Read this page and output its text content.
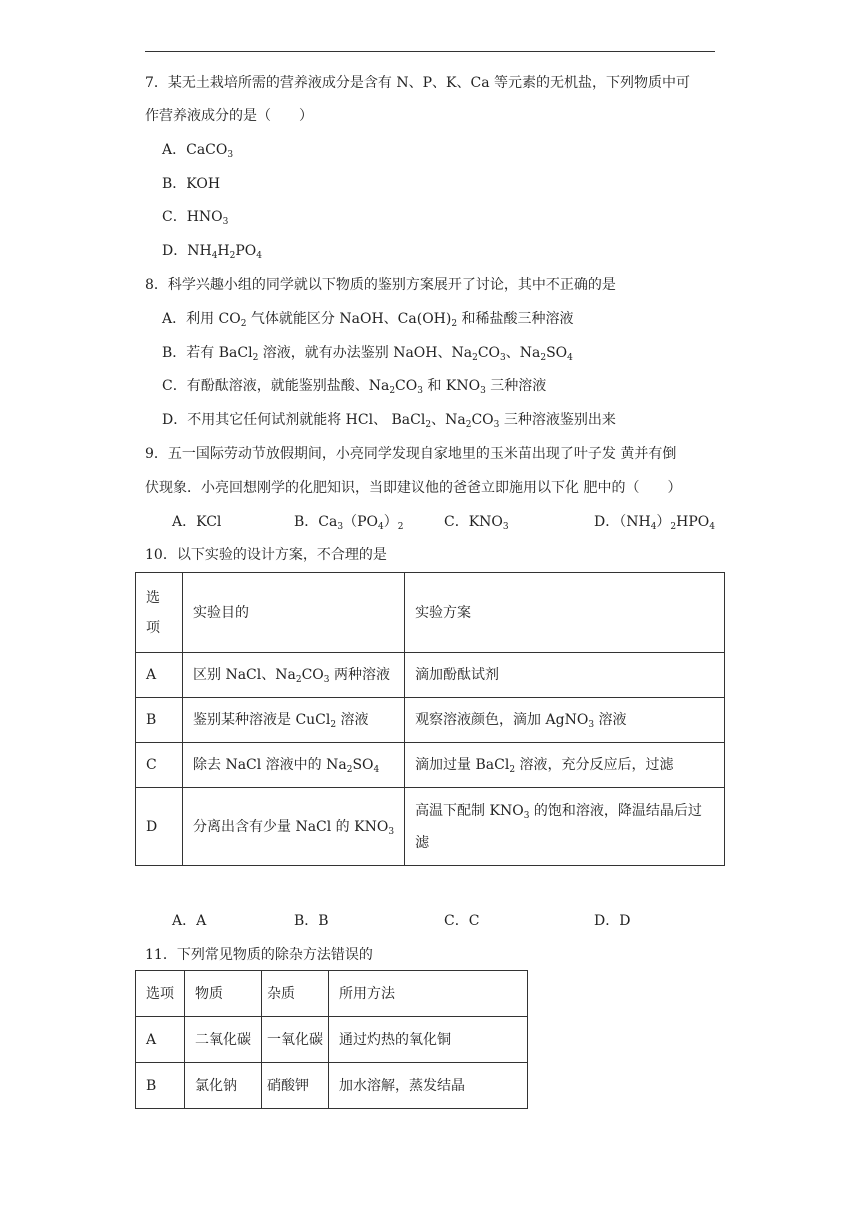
7．某无土栽培所需的营养液成分是含有 N、P、K、Ca 等元素的无机盐，下列物质中可
作营养液成分的是（　　）
A．CaCO$_3$
B．KOH
C．$HNO_3$
D．$NH_4H_2PO_4$
8．科学兴趣小组的同学就以下物质的鉴别方案展开了讨论，其中不正确的是
A．利用 $CO_2$ 气体就能区分 NaOH、$Ca(OH)_2$ 和稀盐酸三种溶液
B．若有 BaCl$_2$ 溶液，就有办法鉴别 NaOH、$Na_2CO_3$、$Na_2SO_4$
C．有酚酞溶液，就能鉴别盐酸、$Na_2CO_3$ 和 $KNO_3$ 三种溶液
D．不用其它任何试剂就能将 HCl、 BaCl$_2$、$Na_2CO_3$ 三种溶液鉴别出来
9．五一国际劳动节放假期间，小亮同学发现自家地里的玉米苗出现了叶子发 黄并有倒
伏现象．小亮回想刚学的化肥知识，当即建议他的爸爸立即施用以下化 肥中的（　　）
A．KCl	B．$Ca_3(PO_4)_2$	C．$KNO_3$	D．$(NH_4)_2HPO_4$
10．以下实验的设计方案，不合理的是
选
项	实验目的	实验方案
A	区别 NaCl、$Na_2CO_3$ 两种溶液	滴加酚酞试剂
B	鉴别某种溶液是 CuCl$_2$ 溶液	观察溶液颜色，滴加 AgNO$_3$ 溶液
C	除去 NaCl 溶液中的 $Na_2SO_4$	滴加过量 BaCl$_2$ 溶液，充分反应后，过滤
D	分离出含有少量 NaCl 的 $KNO_3$	高温下配制 $KNO_3$ 的饱和溶液，降温结晶后过
滤
A．A	B．B	C．C	D．D
11．下列常见物质的除杂方法错误的
选项	物质	杂质	所用方法
A	二氧化碳	一氧化碳	通过灼热的氧化铜
B	氯化钠	硝酸钾	加水溶解，蒸发结晶
